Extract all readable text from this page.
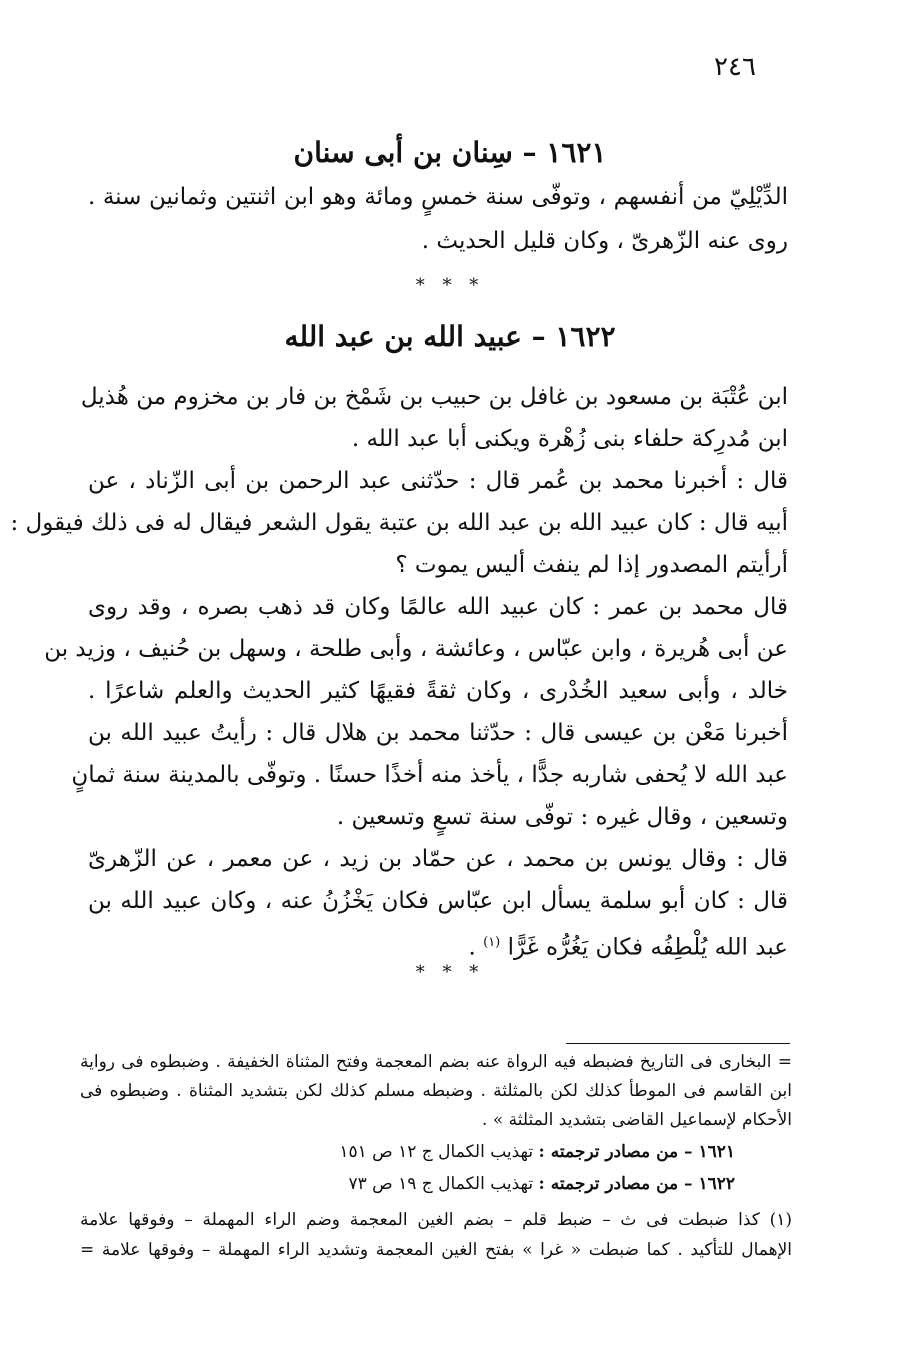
٢٤٦
١٦٢١ – سِنان بن أبى سنان
الدِّيْلِيّ من أنفسهم ، وتوفّى سنة خمسٍ ومائة وهو ابن اثنتين وثمانين سنة .
روى عنه الزّهرىّ ، وكان قليل الحديث .
* * *
١٦٢٢ – عبيد الله بن عبد الله
ابن عُتْبَة بن مسعود بن غافل بن حبيب بن شَمْخ بن فار بن مخزوم من هُذيل
ابن مُدرِكة حلفاء بنى زُهْرة ويكنى أبا عبد الله .
قال : أخبرنا محمد بن عُمر قال : حدّثنى عبد الرحمن بن أبى الزّناد ، عن
أبيه قال : كان عبيد الله بن عبد الله بن عتبة يقول الشعر فيقال له فى ذلك فيقول :
أرأيتم المصدور إذا لم ينفث أليس يموت ؟
قال محمد بن عمر : كان عبيد الله عالمًا وكان قد ذهب بصره ، وقد روى
عن أبى هُريرة ، وابن عبّاس ، وعائشة ، وأبى طلحة ، وسهل بن حُنيف ، وزيد بن
خالد ، وأبى سعيد الخُدْرى ، وكان ثقةً فقيهًا كثير الحديث والعلم شاعرًا .
أخبرنا مَعْن بن عيسى قال : حدّثنا محمد بن هلال قال : رأيتُ عبيد الله بن
عبد الله لا يُحفى شاربه جدًّا ، يأخذ منه أخذًا حسنًا . وتوفّى بالمدينة سنة ثمانٍ
وتسعين ، وقال غيره : توفّى سنة تسعٍ وتسعين .
قال : وقال يونس بن محمد ، عن حمّاد بن زيد ، عن معمر ، عن الزّهرىّ
قال : كان أبو سلمة يسأل ابن عبّاس فكان يَخْزُنُ عنه ، وكان عبيد الله بن
عبد الله يُلْطِفُه فكان يَغُرُّه غَرًّا $^{(١)}$ .
* * *
= البخارى فى التاريخ فضبطه فيه الرواة عنه بضم المعجمة وفتح المثناة الخفيفة . وضبطوه فى رواية
ابن القاسم فى الموطأ كذلك لكن بالمثلثة . وضبطه مسلم كذلك لكن بتشديد المثناة . وضبطوه فى
الأحكام لإسماعيل القاضى بتشديد المثلثة » .
١٦٢١ – من مصادر ترجمته : تهذيب الكمال ج ١٢ ص ١٥١
١٦٢٢ – من مصادر ترجمته : تهذيب الكمال ج ١٩ ص ٧٣
(١) كذا ضبطت فى ث – ضبط قلم – بضم الغين المعجمة وضم الراء المهملة – وفوقها علامة
الإهمال للتأكيد . كما ضبطت « غرا » بفتح الغين المعجمة وتشديد الراء المهملة – وفوقها علامة =
